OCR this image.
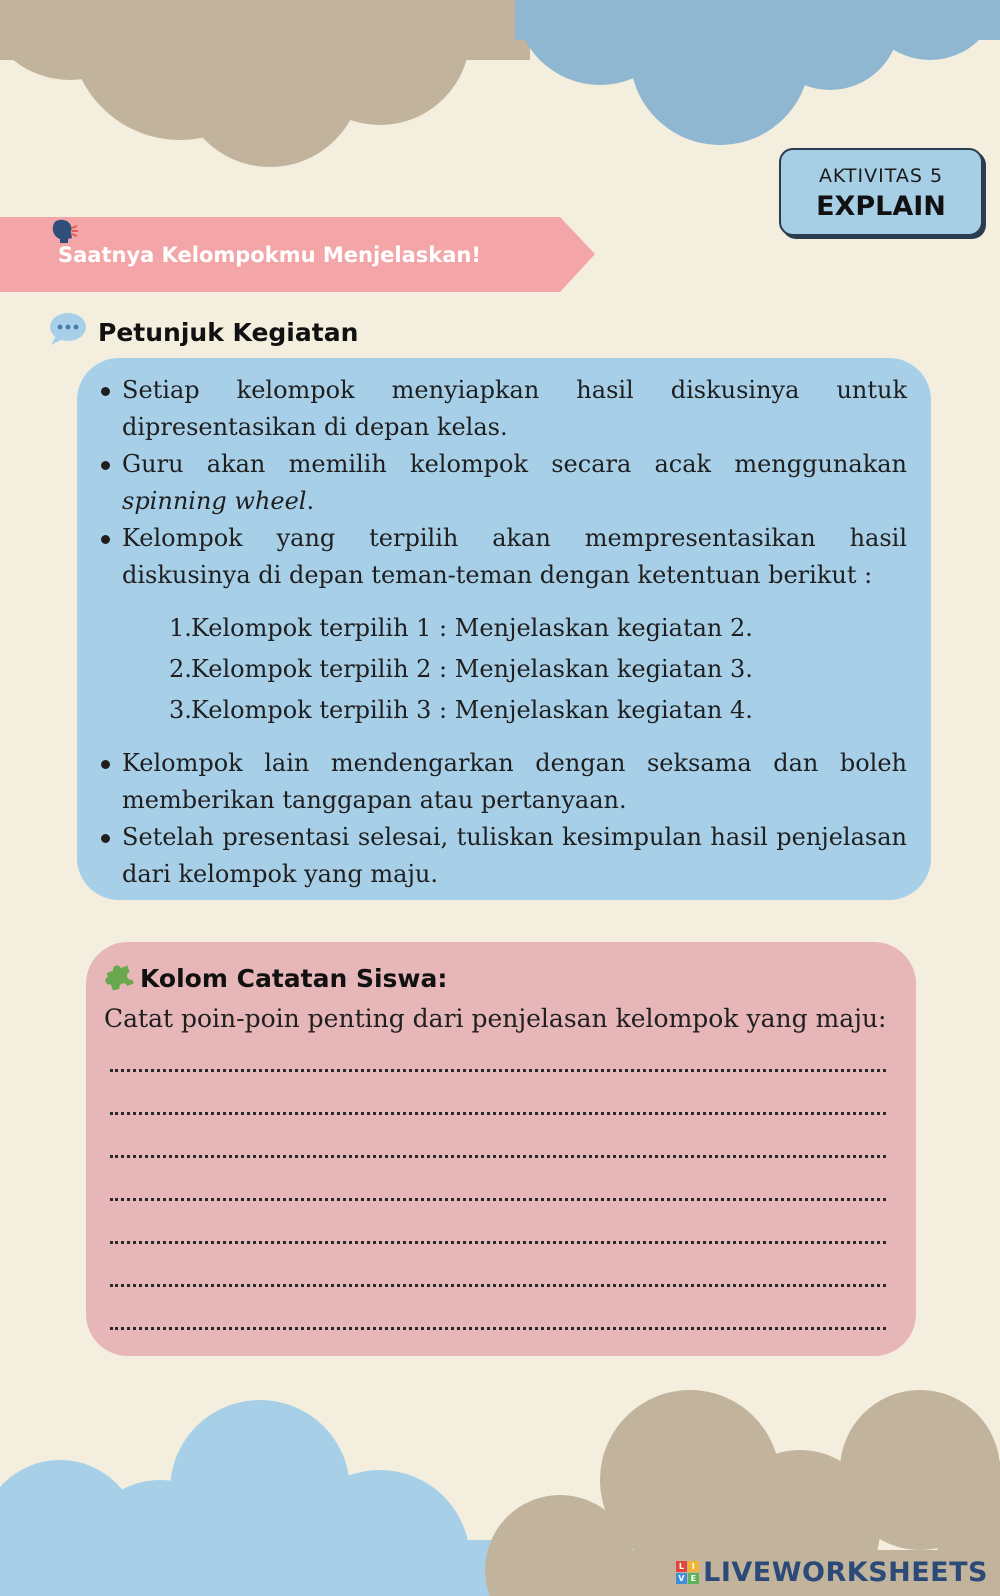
AKTIVITAS 5
EXPLAIN
Saatnya Kelompokmu Menjelaskan!
Petunjuk Kegiatan
Setiap kelompok menyiapkan hasil diskusinya untuk dipresentasikan di depan kelas.
Guru akan memilih kelompok secara acak menggunakan spinning wheel.
Kelompok yang terpilih akan mempresentasikan hasil diskusinya di depan teman-teman dengan ketentuan berikut :
1. Kelompok terpilih 1 : Menjelaskan kegiatan 2.
2. Kelompok terpilih 2 : Menjelaskan kegiatan 3.
3. Kelompok terpilih 3 : Menjelaskan kegiatan 4.
Kelompok lain mendengarkan dengan seksama dan boleh memberikan tanggapan atau pertanyaan.
Setelah presentasi selesai, tuliskan kesimpulan hasil penjelasan dari kelompok yang maju.
Kolom Catatan Siswa:
Catat poin-poin penting dari penjelasan kelompok yang maju:
L I
V E LIVEWORKSHEETS
